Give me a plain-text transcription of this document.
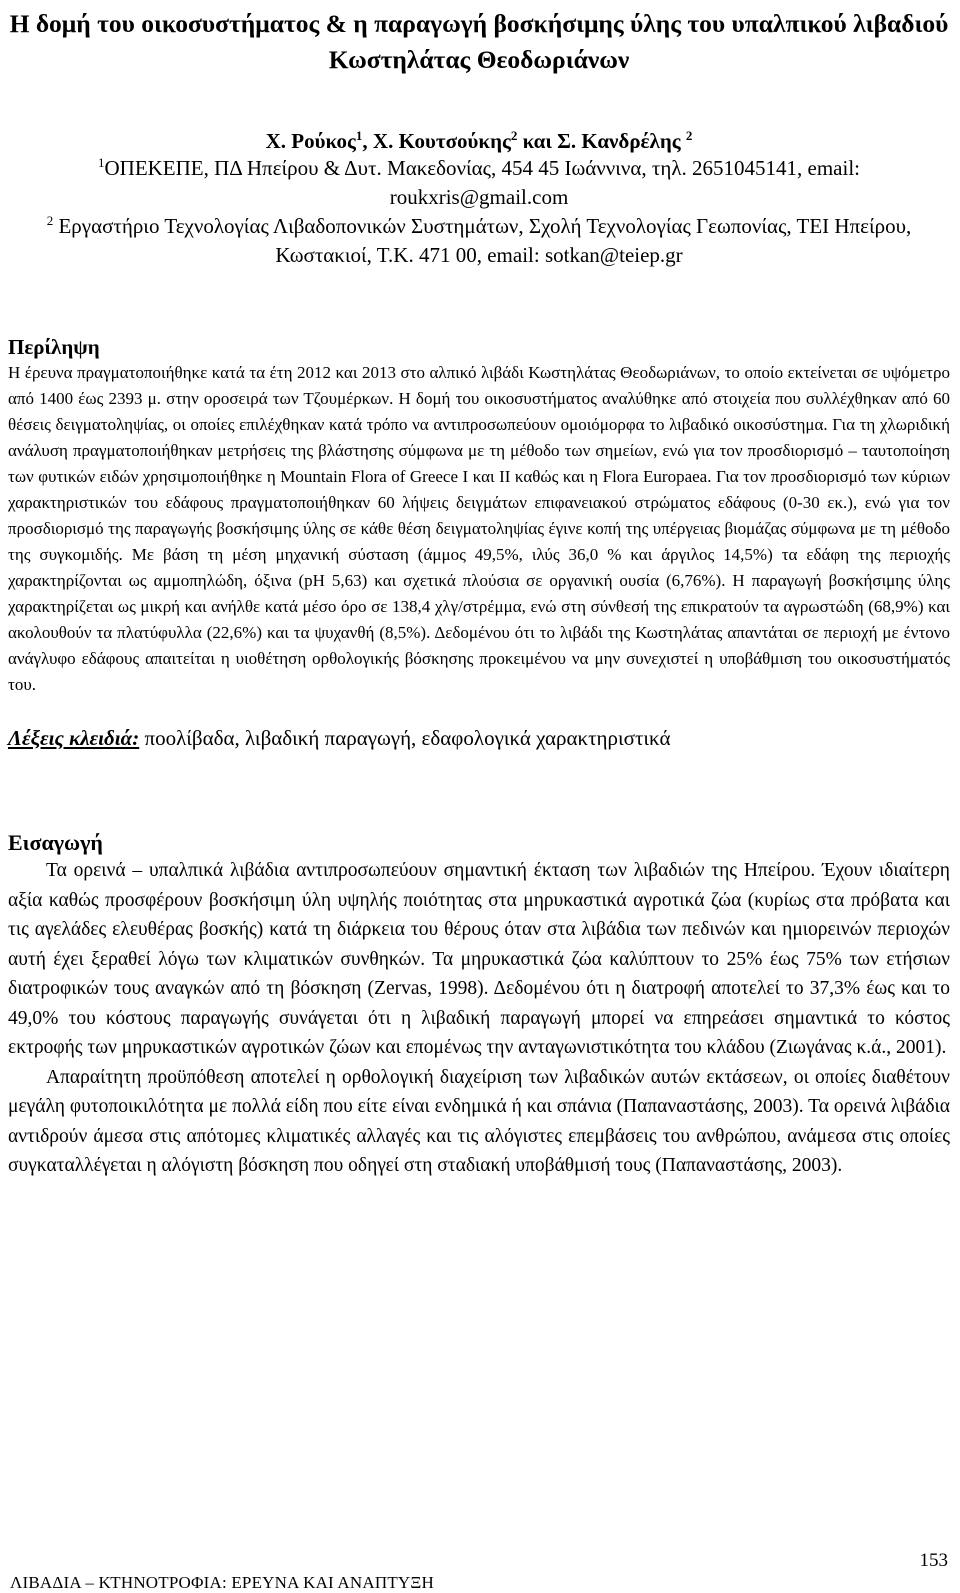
Η δομή του οικοσυστήματος & η παραγωγή βοσκήσιμης ύλης του υπαλπικού λιβαδιού Κωστηλάτας Θεοδωριάνων
Χ. Ρούκος$^1$, Χ. Κουτσούκης$^2$ και Σ. Κανδρέλης $^2$
$^1$ΟΠΕΚΕΠΕ, ΠΔ Ηπείρου & Δυτ. Μακεδονίας, 454 45 Ιωάννινα, τηλ. 2651045141, email: roukxris@gmail.com
$^2$ Εργαστήριο Τεχνολογίας Λιβαδοπονικών Συστημάτων, Σχολή Τεχνολογίας Γεωπονίας, ΤΕΙ Ηπείρου, Κωστακιοί, Τ.Κ. 471 00, email: sotkan@teiep.gr
Περίληψη

Η έρευνα πραγματοποιήθηκε κατά τα έτη 2012 και 2013 στο αλπικό λιβάδι Κωστηλάτας Θεοδωριάνων, το οποίο εκτείνεται σε υψόμετρο από 1400 έως 2393 μ. στην οροσειρά των Τζουμέρκων. Η δομή του οικοσυστήματος αναλύθηκε από στοιχεία που συλλέχθηκαν από 60 θέσεις δειγματοληψίας, οι οποίες επιλέχθηκαν κατά τρόπο να αντιπροσωπεύουν ομοιόμορφα το λιβαδικό οικοσύστημα. Για τη χλωριδική ανάλυση πραγματοποιήθηκαν μετρήσεις της βλάστησης σύμφωνα με τη μέθοδο των σημείων, ενώ για τον προσδιορισμό – ταυτοποίηση των φυτικών ειδών χρησιμοποιήθηκε η Mountain Flora of Greece I και II καθώς και η Flora Europaea. Για τον προσδιορισμό των κύριων χαρακτηριστικών του εδάφους πραγματοποιήθηκαν 60 λήψεις δειγμάτων επιφανειακού στρώματος εδάφους (0-30 εκ.), ενώ για τον προσδιορισμό της παραγωγής βοσκήσιμης ύλης σε κάθε θέση δειγματοληψίας έγινε κοπή της υπέργειας βιομάζας σύμφωνα με τη μέθοδο της συγκομιδής. Με βάση τη μέση μηχανική σύσταση (άμμος 49,5%, ιλύς 36,0 % και άργιλος 14,5%) τα εδάφη της περιοχής χαρακτηρίζονται ως αμμοπηλώδη, όξινα (pH 5,63) και σχετικά πλούσια σε οργανική ουσία (6,76%). Η παραγωγή βοσκήσιμης ύλης χαρακτηρίζεται ως μικρή και ανήλθε κατά μέσο όρο σε 138,4 χλγ/στρέμμα, ενώ στη σύνθεσή της επικρατούν τα αγρωστώδη (68,9%) και ακολουθούν τα πλατύφυλλα (22,6%) και τα ψυχανθή (8,5%). Δεδομένου ότι το λιβάδι της Κωστηλάτας απαντάται σε περιοχή με έντονο ανάγλυφο εδάφους απαιτείται η υιοθέτηση ορθολογικής βόσκησης προκειμένου να μην συνεχιστεί η υποβάθμιση του οικοσυστήματός του.

Λέξεις κλειδιά: ποολίβαδα, λιβαδική παραγωγή, εδαφολογικά χαρακτηριστικά
Εισαγωγή

Τα ορεινά – υπαλπικά λιβάδια αντιπροσωπεύουν σημαντική έκταση των λιβαδιών της Ηπείρου. Έχουν ιδιαίτερη αξία καθώς προσφέρουν βοσκήσιμη ύλη υψηλής ποιότητας στα μηρυκαστικά αγροτικά ζώα (κυρίως στα πρόβατα και τις αγελάδες ελευθέρας βοσκής) κατά τη διάρκεια του θέρους όταν στα λιβάδια των πεδινών και ημιορεινών περιοχών αυτή έχει ξεραθεί λόγω των κλιματικών συνθηκών. Τα μηρυκαστικά ζώα καλύπτουν το 25% έως 75% των ετήσιων διατροφικών τους αναγκών από τη βόσκηση (Zervas, 1998). Δεδομένου ότι η διατροφή αποτελεί το 37,3% έως και το 49,0% του κόστους παραγωγής συνάγεται ότι η λιβαδική παραγωγή μπορεί να επηρεάσει σημαντικά το κόστος εκτροφής των μηρυκαστικών αγροτικών ζώων και επομένως την ανταγωνιστικότητα του κλάδου (Ζιωγάνας κ.ά., 2001).

Απαραίτητη προϋπόθεση αποτελεί η ορθολογική διαχείριση των λιβαδικών αυτών εκτάσεων, οι οποίες διαθέτουν μεγάλη φυτοποικιλότητα με πολλά είδη που είτε είναι ενδημικά ή και σπάνια (Παπαναστάσης, 2003). Τα ορεινά λιβάδια αντιδρούν άμεσα στις απότομες κλιματικές αλλαγές και τις αλόγιστες επεμβάσεις του ανθρώπου, ανάμεσα στις οποίες συγκαταλλέγεται η αλόγιστη βόσκηση που οδηγεί στη σταδιακή υποβάθμισή τους (Παπαναστάσης, 2003).

153
ΛΙΒΑΔΙΑ – ΚΤΗΝΟΤΡΟΦΙΑ: ΕΡΕΥΝΑ ΚΑΙ ΑΝΑΠΤΥΞΗ
